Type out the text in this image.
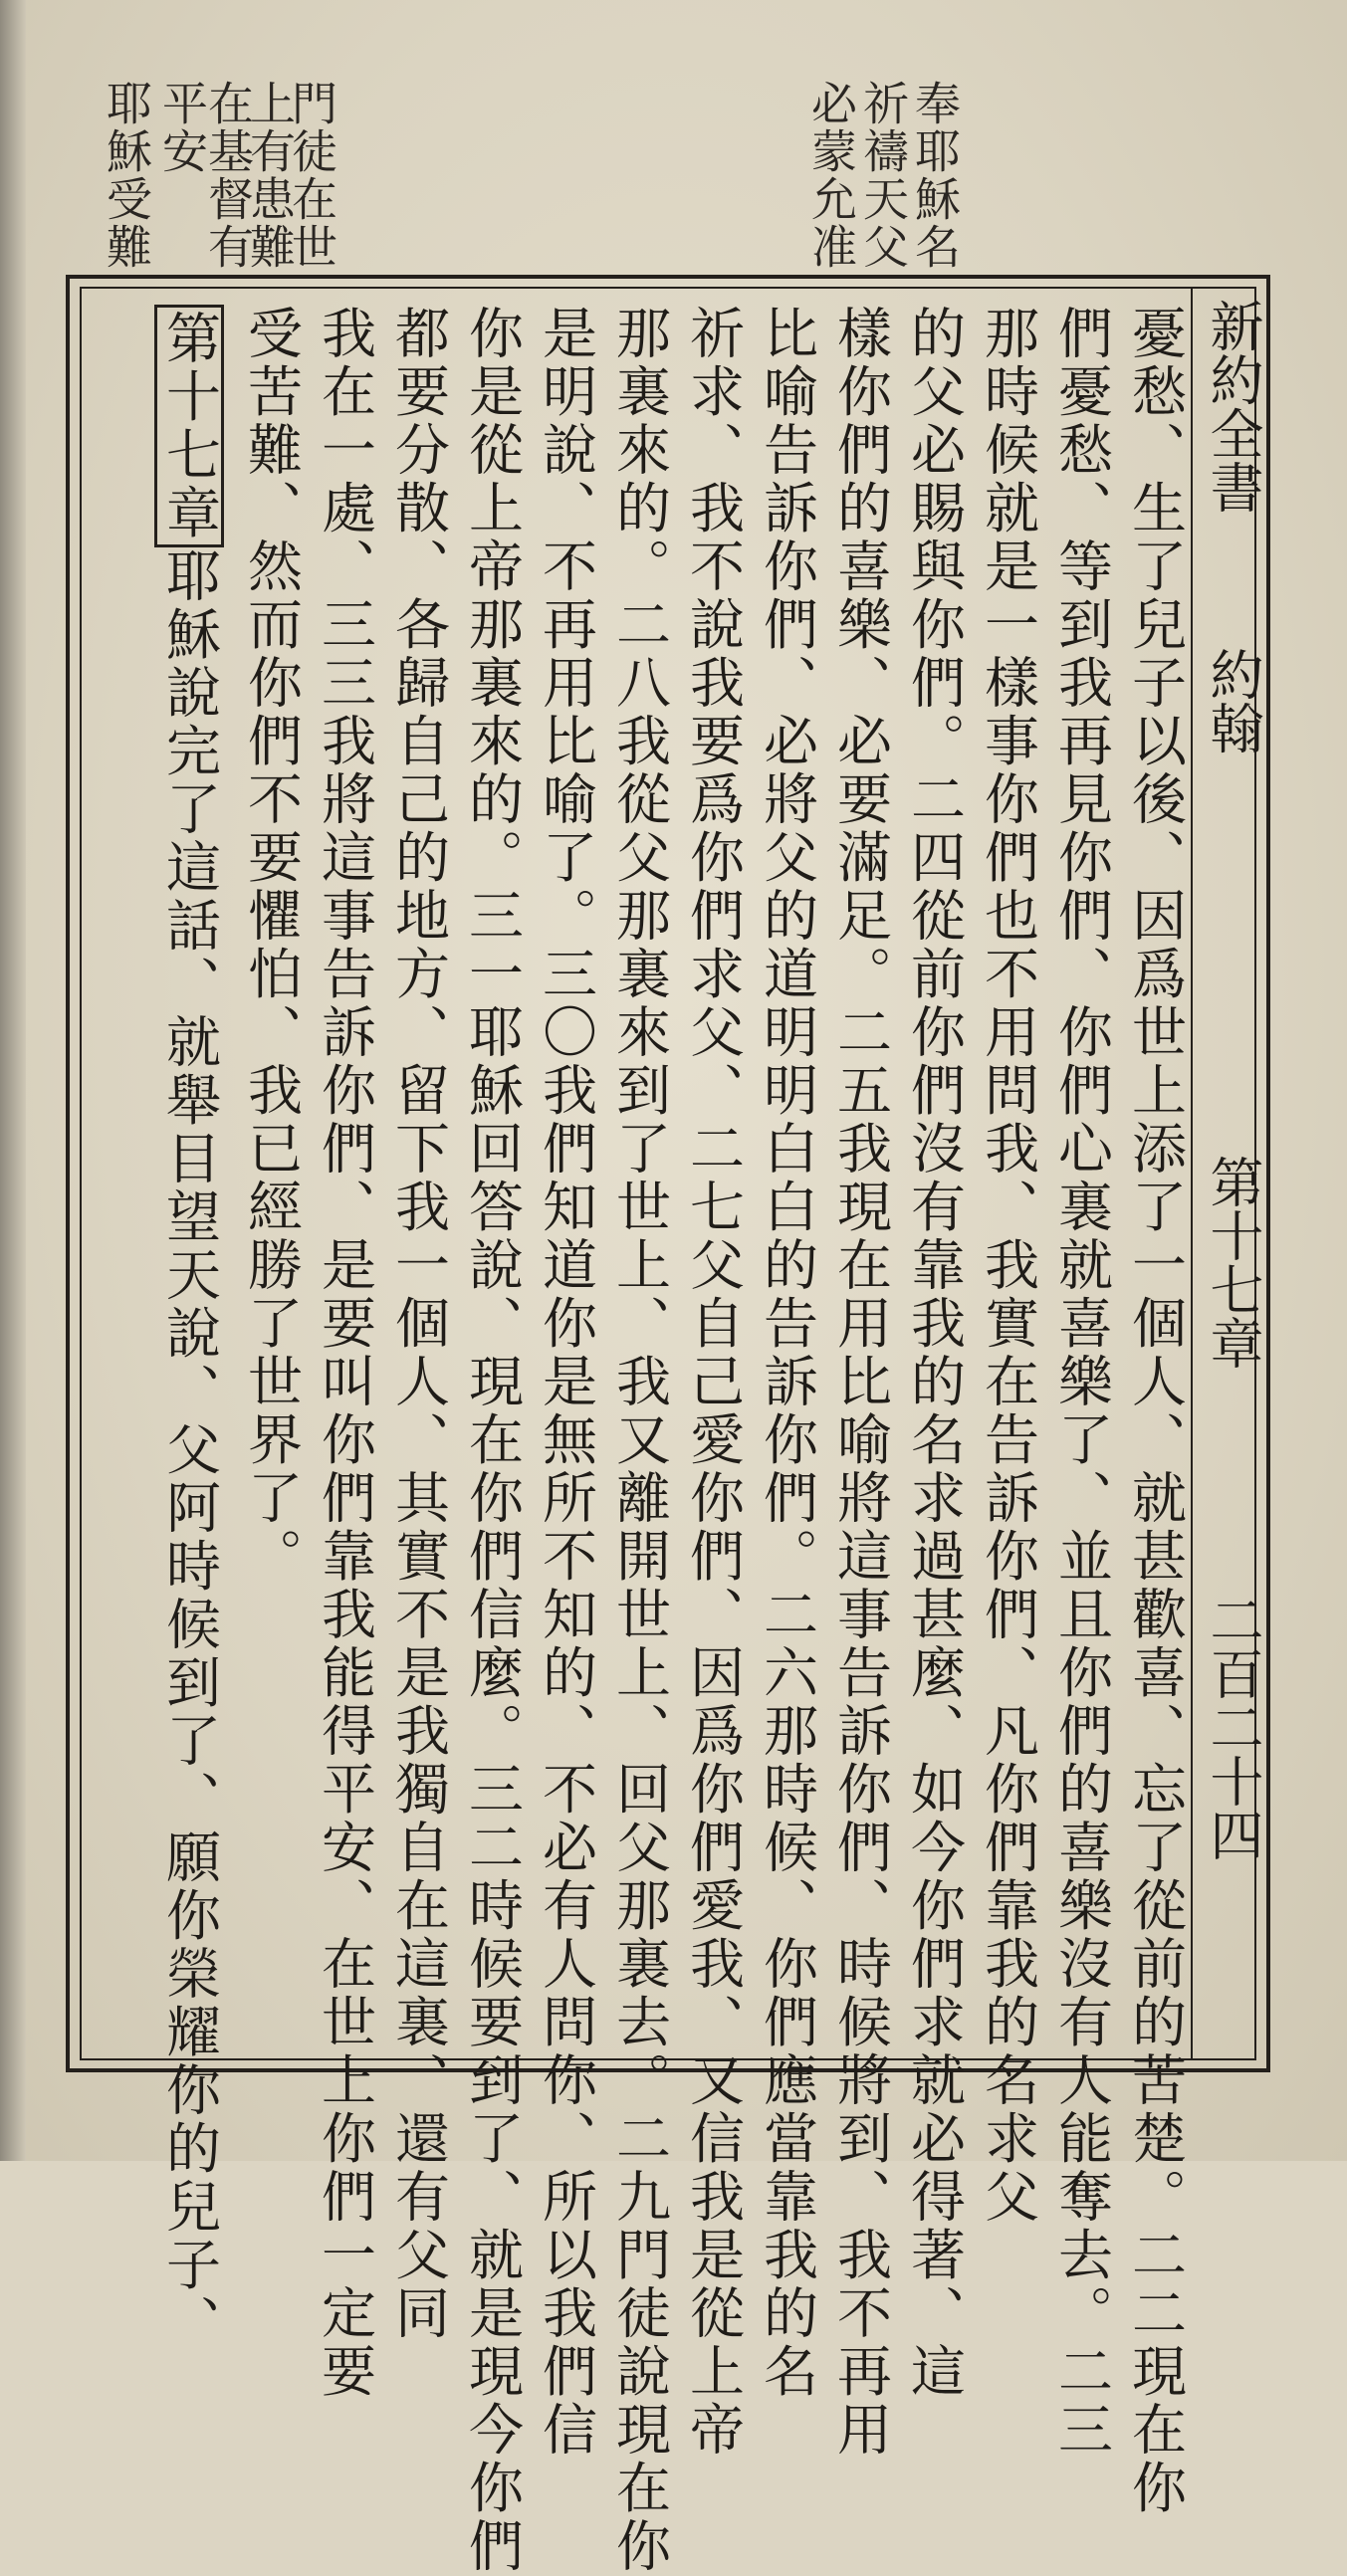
奉耶穌名
祈禱天父
必蒙允准
門徒在世
上有患難
在基督有
平安
耶穌受難
新約全書
約翰
第十七章
二百二十四
憂愁、生了兒子以後、因爲世上添了一個人、就甚歡喜、忘了從前的苦楚。二二現在你
們憂愁、等到我再見你們、你們心裏就喜樂了、並且你們的喜樂沒有人能奪去。二三
那時候就是一樣事你們也不用問我、我實在告訴你們、凡你們靠我的名求父
的父必賜與你們。二四從前你們沒有靠我的名求過甚麼、如今你們求就必得著、這
樣你們的喜樂、必要滿足。二五我現在用比喻將這事告訴你們、時候將到、我不再用
比喻告訴你們、必將父的道明明白白的告訴你們。二六那時候、你們應當靠我的名
祈求、我不說我要爲你們求父、二七父自己愛你們、因爲你們愛我、又信我是從上帝
那裏來的。二八我從父那裏來到了世上、我又離開世上、回父那裏去。二九門徒說現在你
是明說、不再用比喻了。三〇我們知道你是無所不知的、不必有人問你、所以我們信
你是從上帝那裏來的。三一耶穌回答說、現在你們信麼。三二時候要到了、就是現今你們
都要分散、各歸自己的地方、留下我一個人、其實不是我獨自在這裏、還有父同
我在一處、三三我將這事告訴你們、是要叫你們靠我能得平安、在世上你們一定要
受苦難、然而你們不要懼怕、我已經勝了世界了。
第十七章耶穌說完了這話、就舉目望天說、父阿時候到了、願你榮耀你的兒子、
